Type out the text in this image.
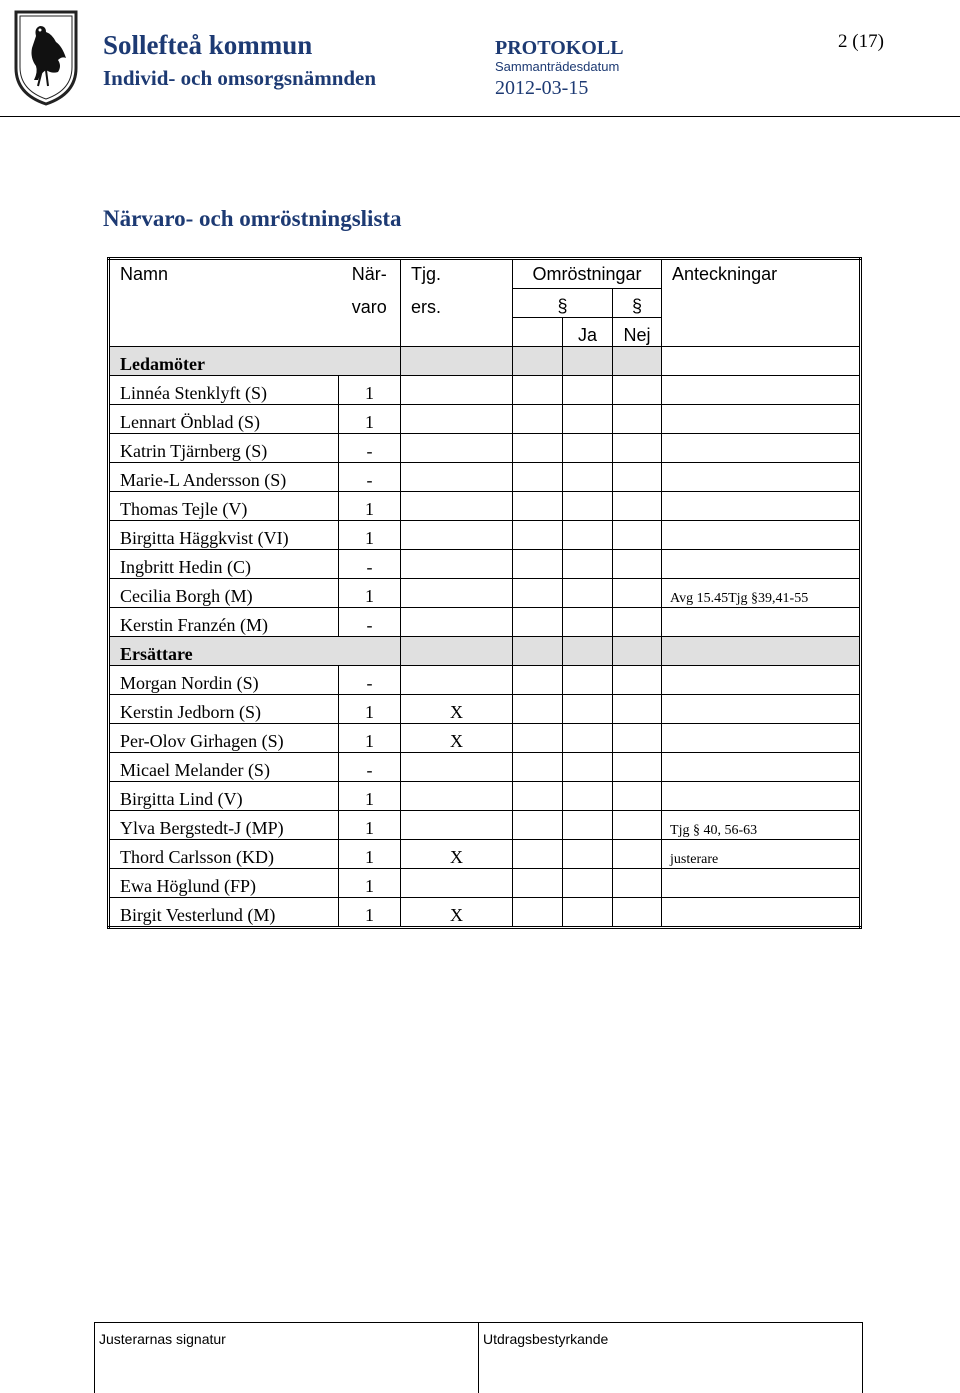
Sollefteå kommun
Individ- och omsorgsnämnden
PROTOKOLL
Sammanträdesdatum
2012-03-15
2 (17)
Närvaro- och omröstningslista
Namn	När-	Tjg.	Omröstningar			Anteckningar
	varo	ers.	§		§	
				Ja	Nej	
Ledamöter						
Linnéa Stenklyft (S)	1					
Lennart Önblad (S)	1					
Katrin Tjärnberg (S)	-					
Marie-L Andersson (S)	-					
Thomas Tejle (V)	1					
Birgitta Häggkvist (VI)	1					
Ingbritt Hedin (C)	-					
Cecilia Borgh (M)	1					Avg 15.45Tjg §39,41-55
Kerstin Franzén (M)	-					
Ersättare						
Morgan Nordin (S)	-					
Kerstin Jedborn (S)	1	X				
Per-Olov Girhagen (S)	1	X				
Micael Melander (S)	-					
Birgitta Lind (V)	1					
Ylva Bergstedt-J (MP)	1					Tjg § 40, 56-63
Thord Carlsson (KD)	1	X				justerare
Ewa Höglund (FP)	1					
Birgit Vesterlund (M)	1	X				
Justerarnas signatur	Utdragsbestyrkande
